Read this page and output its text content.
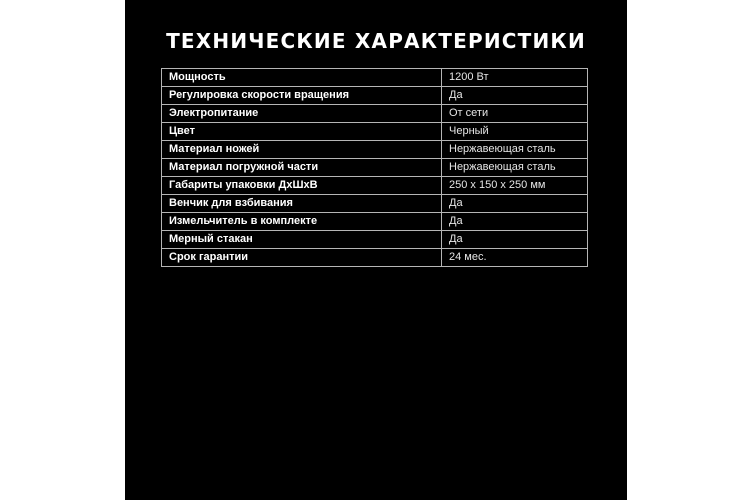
ТЕХНИЧЕСКИЕ ХАРАКТЕРИСТИКИ
Мощность	1200 Вт
Регулировка скорости вращения	Да
Электропитание	От сети
Цвет	Черный
Материал ножей	Нержавеющая сталь
Материал погружной части	Нержавеющая сталь
Габариты упаковки ДхШхВ	250 х 150 х 250 мм
Венчик для взбивания	Да
Измельчитель в комплекте	Да
Мерный стакан	Да
Срок гарантии	24 мес.
